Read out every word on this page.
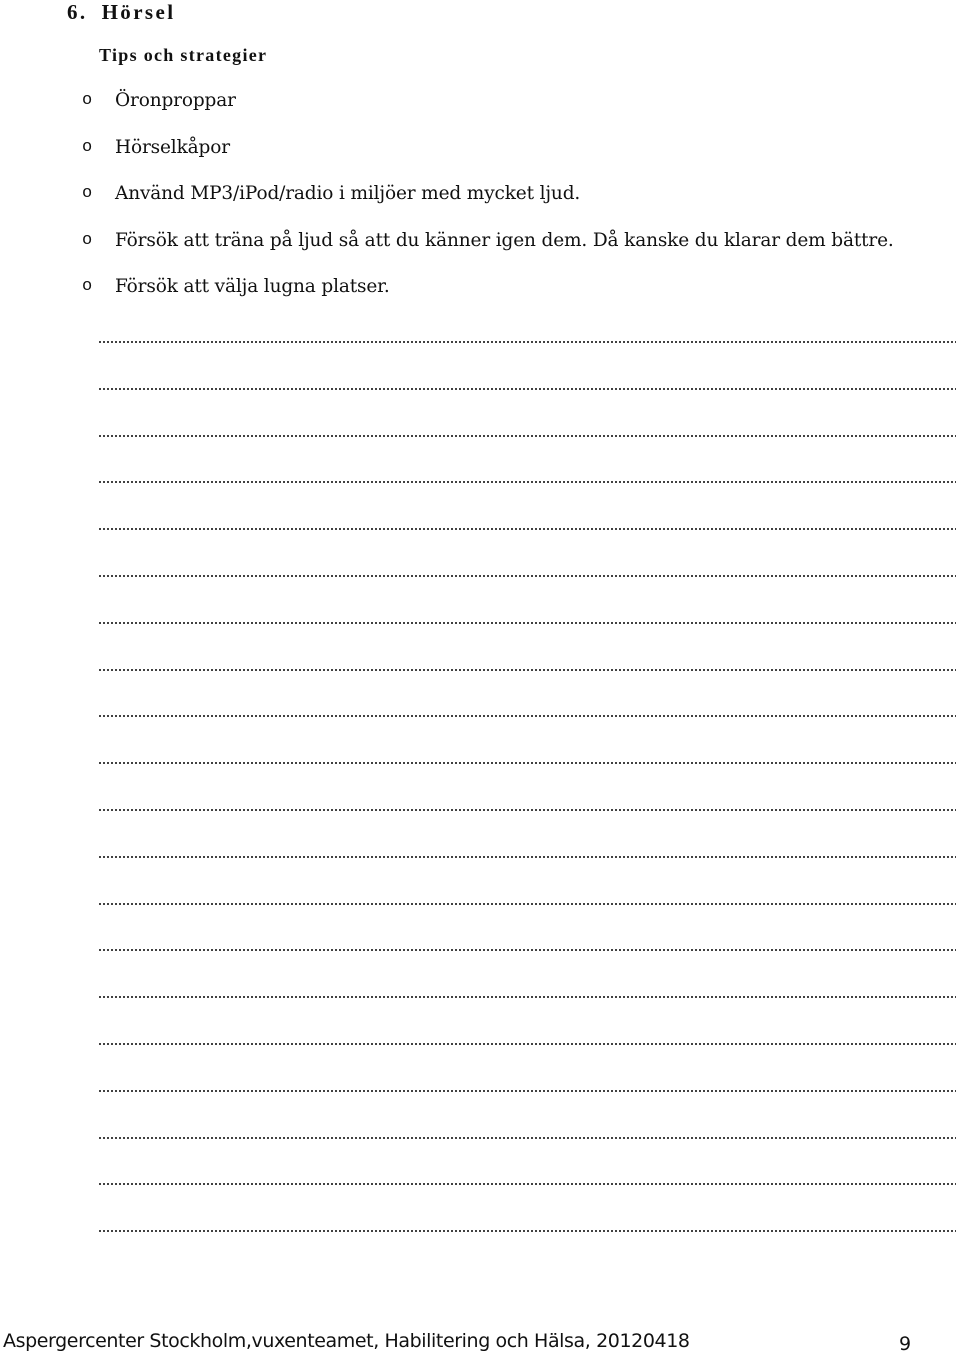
6. Hörsel
Tips och strategier
o Öronproppar
o Hörselkåpor
o Använd MP3/iPod/radio i miljöer med mycket ljud.
o Försök att träna på ljud så att du känner igen dem. Då kanske du klarar dem bättre.
o Försök att välja lugna platser.
Aspergercenter Stockholm,vuxenteamet, Habilitering och Hälsa, 20120418	9
